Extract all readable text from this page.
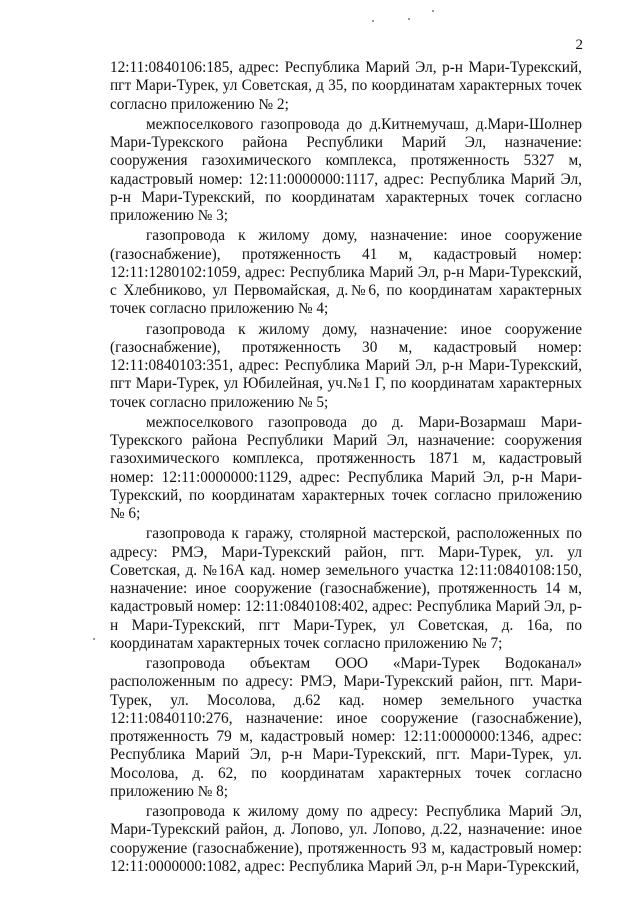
2

12:11:0840106:185, адрес: Республика Марий Эл, р-н Мари-Турекский, пгт Мари-Турек, ул Советская, д 35, по координатам характерных точек согласно приложению № 2;

межпоселкового газопровода до д.Китнемучаш, д.Мари-Шолнер Мари-Турекского района Республики Марий Эл, назначение: сооружения газохимического комплекса, протяженность 5327 м, кадастровый номер: 12:11:0000000:1117, адрес: Республика Марий Эл, р-н Мари-Турекский, по координатам характерных точек согласно приложению № 3;

газопровода к жилому дому, назначение: иное сооружение (газоснабжение), протяженность 41 м, кадастровый номер: 12:11:1280102:1059, адрес: Республика Марий Эл, р-н Мари-Турекский, с Хлебниково, ул Первомайская, д.№6, по координатам характерных точек согласно приложению № 4;

газопровода к жилому дому, назначение: иное сооружение (газоснабжение), протяженность 30 м, кадастровый номер: 12:11:0840103:351, адрес: Республика Марий Эл, р-н Мари-Турекский, пгт Мари-Турек, ул Юбилейная, уч.№1 Г, по координатам характерных точек согласно приложению № 5;

межпоселкового газопровода до д. Мари-Возармаш Мари-Турекского района Республики Марий Эл, назначение: сооружения газохимического комплекса, протяженность 1871 м, кадастровый номер: 12:11:0000000:1129, адрес: Республика Марий Эл, р-н Мари-Турекский, по координатам характерных точек согласно приложению № 6;

газопровода к гаражу, столярной мастерской, расположенных по адресу: РМЭ, Мари-Турекский район, пгт. Мари-Турек, ул. ул Советская, д. №16А кад. номер земельного участка 12:11:0840108:150, назначение: иное сооружение (газоснабжение), протяженность 14 м, кадастровый номер: 12:11:0840108:402, адрес: Республика Марий Эл, р-н Мари-Турекский, пгт Мари-Турек, ул Советская, д. 16а, по координатам характерных точек согласно приложению № 7;

газопровода объектам ООО «Мари-Турек Водоканал» расположенным по адресу: РМЭ, Мари-Турекский район, пгт. Мари-Турек, ул. Мосолова, д.62 кад. номер земельного участка 12:11:0840110:276, назначение: иное сооружение (газоснабжение), протяженность 79 м, кадастровый номер: 12:11:0000000:1346, адрес: Республика Марий Эл, р-н Мари-Турекский, пгт. Мари-Турек, ул. Мосолова, д. 62, по координатам характерных точек согласно приложению № 8;

газопровода к жилому дому по адресу: Республика Марий Эл, Мари-Турекский район, д. Лопово, ул. Лопово, д.22, назначение: иное сооружение (газоснабжение), протяженность 93 м, кадастровый номер: 12:11:0000000:1082, адрес: Республика Марий Эл, р-н Мари-Турекский,
